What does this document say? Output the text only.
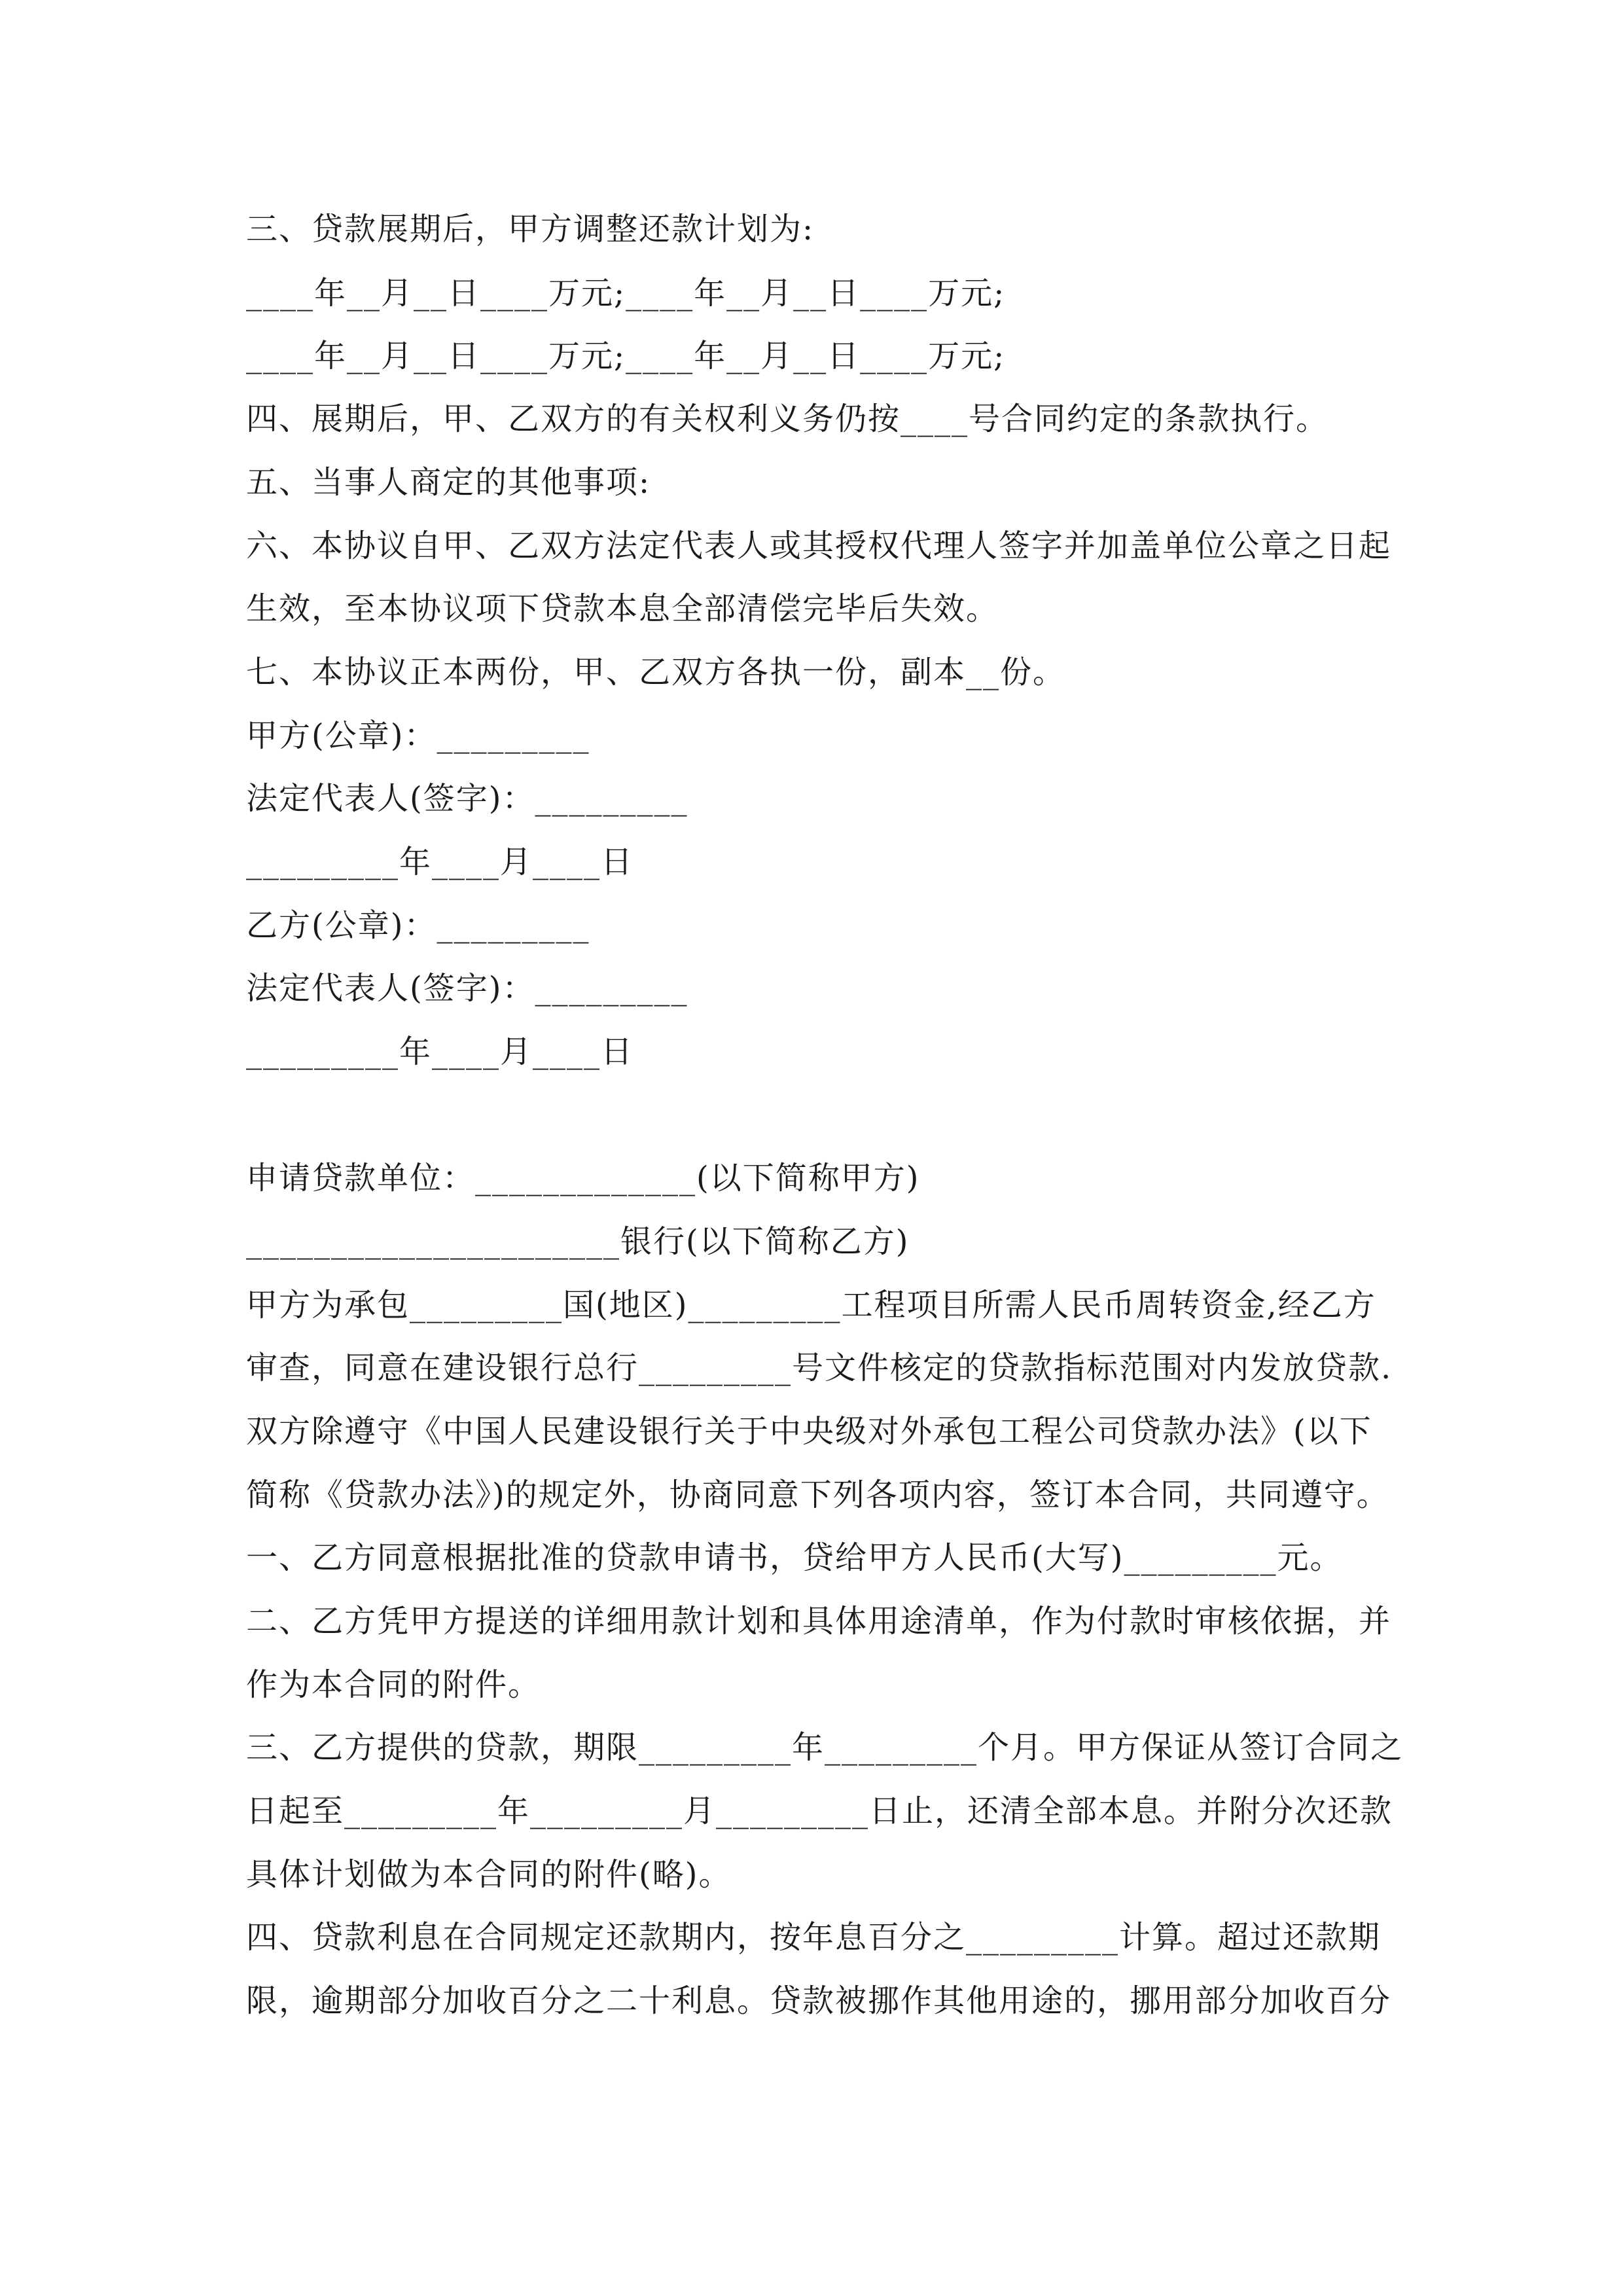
三、贷款展期后，甲方调整还款计划为:
____年__月__日____万元;____年__月__日____万元;
____年__月__日____万元;____年__月__日____万元;
四、展期后，甲、乙双方的有关权利义务仍按____号合同约定的条款执行。
五、当事人商定的其他事项:
六、本协议自甲、乙双方法定代表人或其授权代理人签字并加盖单位公章之日起
生效，至本协议项下贷款本息全部清偿完毕后失效。
七、本协议正本两份，甲、乙双方各执一份，副本__份。
甲方(公章)：_________
法定代表人(签字)：_________
_________年____月____日
乙方(公章)：_________
法定代表人(签字)：_________
_________年____月____日
申请贷款单位：_____________(以下简称甲方)
______________________银行(以下简称乙方)
甲方为承包_________国(地区)_________工程项目所需人民币周转资金,经乙方
审查，同意在建设银行总行_________号文件核定的贷款指标范围对内发放贷款.
双方除遵守《中国人民建设银行关于中央级对外承包工程公司贷款办法》(以下
简称《贷款办法》)的规定外，协商同意下列各项内容，签订本合同，共同遵守。
一、乙方同意根据批准的贷款申请书，贷给甲方人民币(大写)_________元。
二、乙方凭甲方提送的详细用款计划和具体用途清单，作为付款时审核依据，并
作为本合同的附件。
三、乙方提供的贷款，期限_________年_________个月。甲方保证从签订合同之
日起至_________年_________月_________日止，还清全部本息。并附分次还款
具体计划做为本合同的附件(略)。
四、贷款利息在合同规定还款期内，按年息百分之_________计算。超过还款期
限，逾期部分加收百分之二十利息。贷款被挪作其他用途的，挪用部分加收百分
